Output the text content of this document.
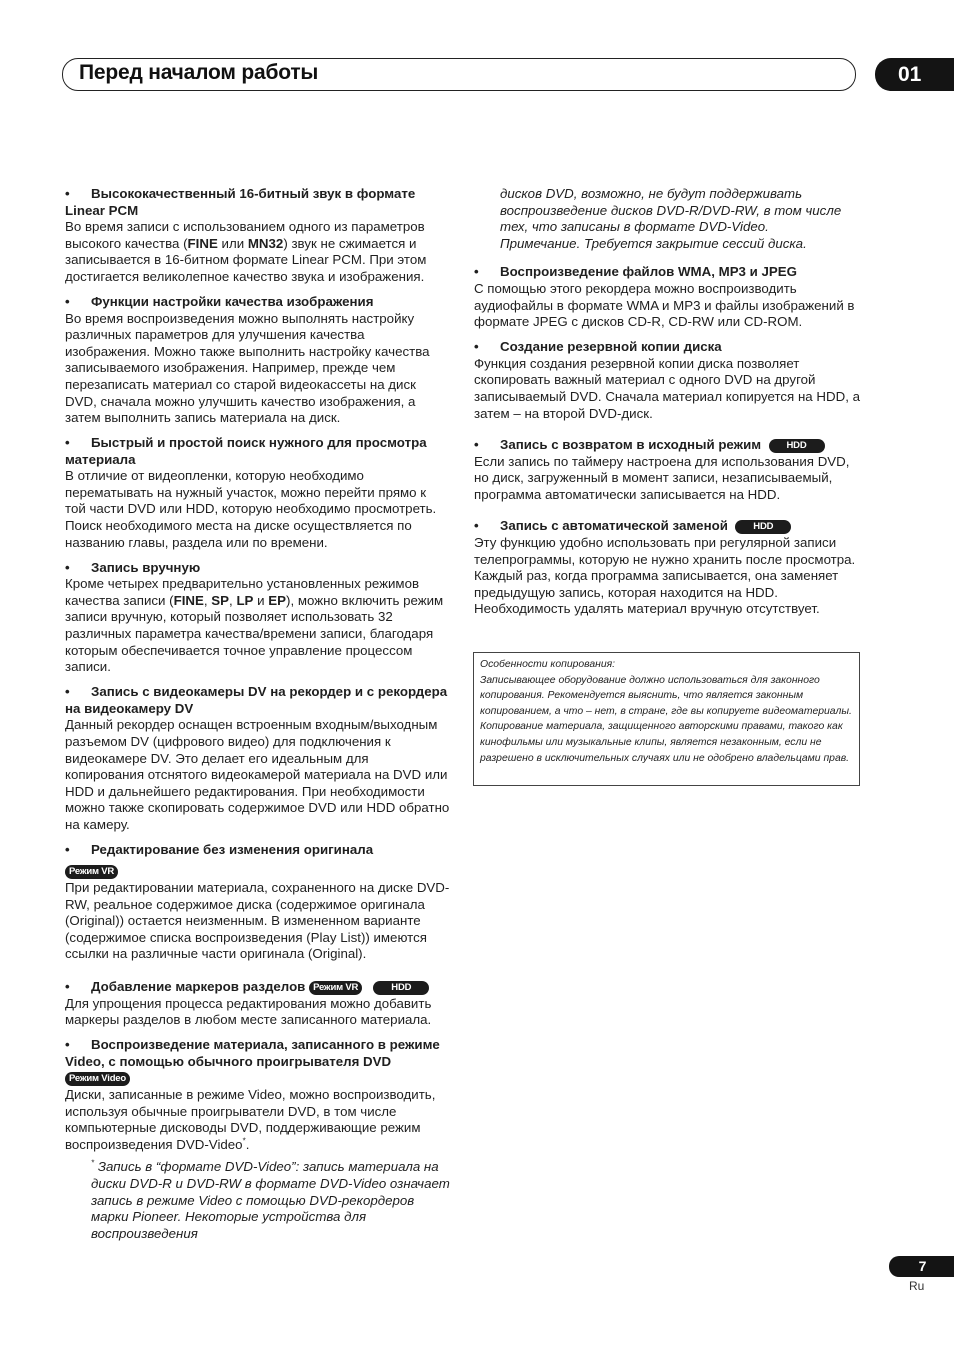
Перед началом работы	01
• Высококачественный 16-битный звук в формате Linear PCM

Во время записи с использованием одного из параметров высокого качества (FINE или MN32) звук не сжимается и записывается в 16-битном формате Linear PCM. При этом достигается великолепное качество звука и изображения.

• Функции настройки качества изображения

Во время воспроизведения можно выполнять настройку различных параметров для улучшения качества изображения. Можно также выполнить настройку качества записываемого изображения. Например, прежде чем перезаписать материал со старой видеокассеты на диск DVD, сначала можно улучшить качество изображения, а затем выполнить запись материала на диск.

• Быстрый и простой поиск нужного для просмотра материала

В отличие от видеопленки, которую необходимо перематывать на нужный участок, можно перейти прямо к той части DVD или HDD, которую необходимо просмотреть. Поиск необходимого места на диске осуществляется по названию главы, раздела или по времени.

• Запись вручную

Кроме четырех предварительно установленных режимов качества записи (FINE, SP, LP и EP), можно включить режим записи вручную, который позволяет использовать 32 различных параметра качества/времени записи, благодаря которым обеспечивается точное управление процессом записи.

• Запись с видеокамеры DV на рекордер и с рекордера на видеокамеру DV

Данный рекордер оснащен встроенным входным/выходным разъемом DV (цифрового видео) для подключения к видеокамере DV. Это делает его идеальным для копирования отснятого видеокамерой материала на DVD или HDD и дальнейшего редактирования. При необходимости можно также скопировать содержимое DVD или HDD обратно на камеру.

• Редактирование без изменения оригинала
Режим VR

При редактировании материала, сохраненного на диске DVD-RW, реальное содержимое диска (содержимое оригинала (Original)) остается неизменным. В измененном варианте (содержимое списка воспроизведения (Play List)) имеются ссылки на различные части оригинала (Original).

• Добавление маркеров разделов Режим VR	HDD

Для упрощения процесса редактирования можно добавить маркеры разделов в любом месте записанного материала.

• Воспроизведение материала, записанного в режиме Video, с помощью обычного проигрывателя DVD Режим Video

Диски, записанные в режиме Video, можно воспроизводить, используя обычные проигрыватели DVD, в том числе компьютерные дисководы DVD, поддерживающие режим воспроизведения DVD-Video*.

* Запись в “формате DVD-Video”: запись материала на диски DVD-R и DVD-RW в формате DVD-Video означает запись в режиме Video с помощью DVD-рекордеров марки Pioneer. Некоторые устройства для воспроизведения

дисков DVD, возможно, не будут поддерживать воспроизведение дисков DVD-R/DVD-RW, в том числе тех, что записаны в формате DVD-Video.

Примечание. Требуется закрытие сессий диска.

• Воспроизведение файлов WMA, MP3 и JPEG

С помощью этого рекордера можно воспроизводить аудиофайлы в формате WMA и MP3 и файлы изображений в формате JPEG с дисков CD-R, CD-RW или CD-ROM.

• Создание резервной копии диска

Функция создания резервной копии диска позволяет скопировать важный материал с одного DVD на другой записываемый DVD. Сначала материал копируется на HDD, а затем – на второй DVD-диск.

• Запись с возвратом в исходный режим	HDD

Если запись по таймеру настроена для использования DVD, но диск, загруженный в момент записи, незаписываемый, программа автоматически записывается на HDD.

• Запись с автоматической заменой	HDD

Эту функцию удобно использовать при регулярной записи телепрограммы, которую не нужно хранить после просмотра. Каждый раз, когда программа записывается, она заменяет предыдущую запись, которая находится на HDD. Необходимость удалять материал вручную отсутствует.

Особенности копирования:
Записывающее оборудование должно использоваться для законного копирования. Рекомендуется выяснить, что является законным копированием, а что – нет, в стране, где вы копируете видеоматериалы. Копирование материала, защищенного авторскими правами, такого как кинофильмы или музыкальные клипы, является незаконным, если не разрешено в исключительных случаях или не одобрено владельцами прав.
7
Ru
